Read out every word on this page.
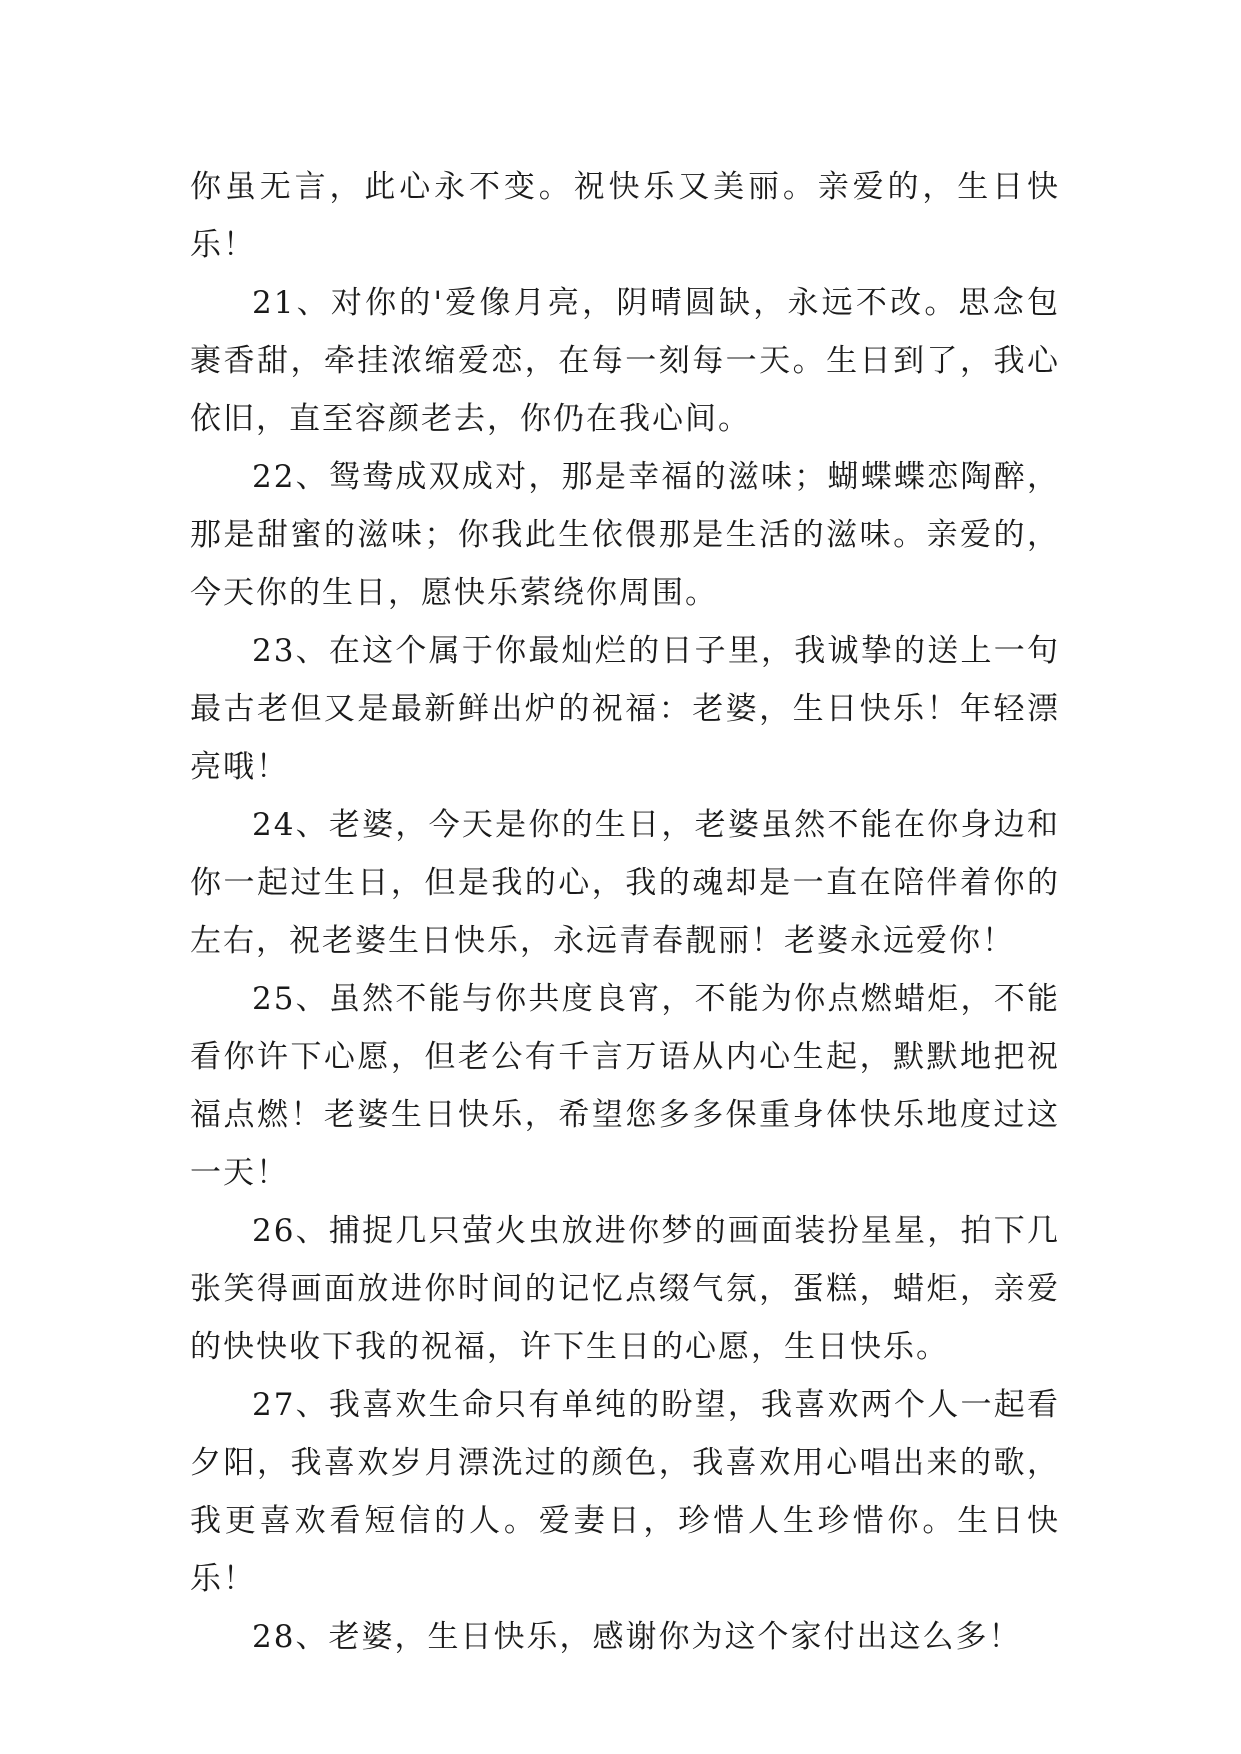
你虽无言，此心永不变。祝快乐又美丽。亲爱的，生日快乐！

21、对你的'爱像月亮，阴晴圆缺，永远不改。思念包裹香甜，牵挂浓缩爱恋，在每一刻每一天。生日到了，我心依旧，直至容颜老去，你仍在我心间。

22、鸳鸯成双成对，那是幸福的滋味；蝴蝶蝶恋陶醉，那是甜蜜的滋味；你我此生依偎那是生活的滋味。亲爱的，今天你的生日，愿快乐萦绕你周围。

23、在这个属于你最灿烂的日子里，我诚挚的送上一句最古老但又是最新鲜出炉的祝福：老婆，生日快乐！年轻漂亮哦！

24、老婆，今天是你的生日，老婆虽然不能在你身边和你一起过生日，但是我的心，我的魂却是一直在陪伴着你的左右，祝老婆生日快乐，永远青春靓丽！老婆永远爱你！

25、虽然不能与你共度良宵，不能为你点燃蜡炬，不能看你许下心愿，但老公有千言万语从内心生起，默默地把祝福点燃！老婆生日快乐，希望您多多保重身体快乐地度过这一天！

26、捕捉几只萤火虫放进你梦的画面装扮星星，拍下几张笑得画面放进你时间的记忆点缀气氛，蛋糕，蜡炬，亲爱的快快收下我的祝福，许下生日的心愿，生日快乐。

27、我喜欢生命只有单纯的盼望，我喜欢两个人一起看夕阳，我喜欢岁月漂洗过的颜色，我喜欢用心唱出来的歌，我更喜欢看短信的人。爱妻日，珍惜人生珍惜你。生日快乐！

28、老婆，生日快乐，感谢你为这个家付出这么多！
